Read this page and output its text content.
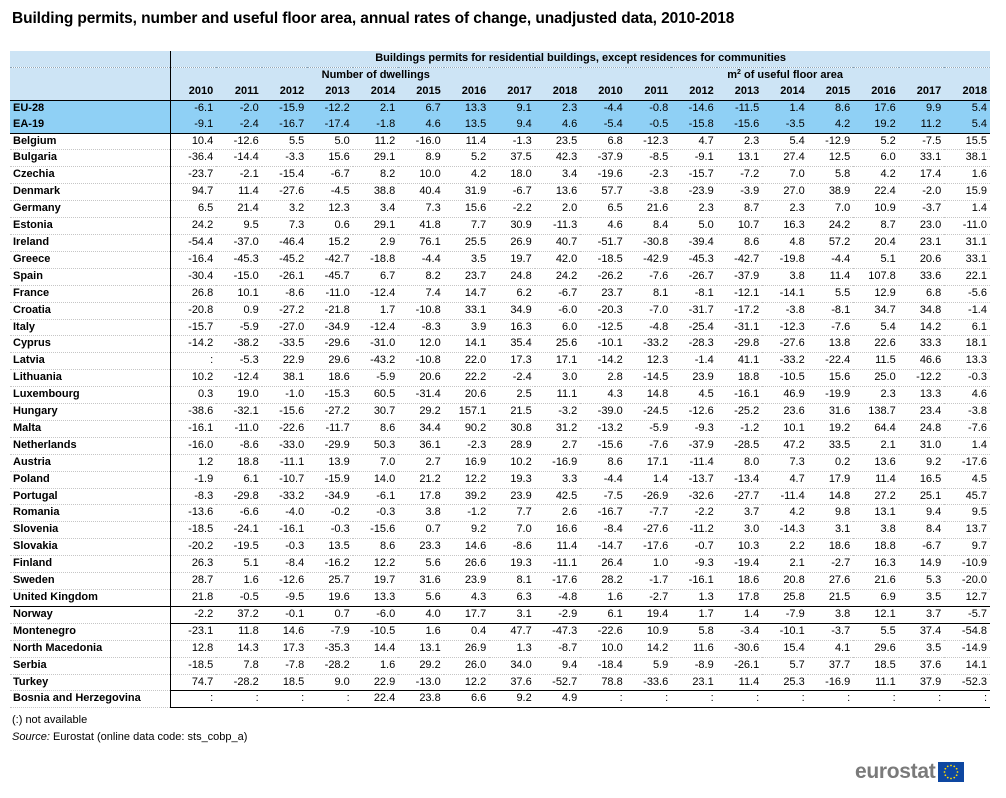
Building permits, number and useful floor area, annual rates of change, unadjusted data, 2010-2018
	Buildings permits for residential buildings, except residences for communities																	
	Number of dwellings									$m^2$ of useful floor area								
	2010	2011	2012	2013	2014	2015	2016	2017	2018	2010	2011	2012	2013	2014	2015	2016	2017	2018
EU-28	-6.1	-2.0	-15.9	-12.2	2.1	6.7	13.3	9.1	2.3	-4.4	-0.8	-14.6	-11.5	1.4	8.6	17.6	9.9	5.4
EA-19	-9.1	-2.4	-16.7	-17.4	-1.8	4.6	13.5	9.4	4.6	-5.4	-0.5	-15.8	-15.6	-3.5	4.2	19.2	11.2	5.4
Belgium	10.4	-12.6	5.5	5.0	11.2	-16.0	11.4	-1.3	23.5	6.8	-12.3	4.7	2.3	5.4	-12.9	5.2	-7.5	15.5
Bulgaria	-36.4	-14.4	-3.3	15.6	29.1	8.9	5.2	37.5	42.3	-37.9	-8.5	-9.1	13.1	27.4	12.5	6.0	33.1	38.1
Czechia	-23.7	-2.1	-15.4	-6.7	8.2	10.0	4.2	18.0	3.4	-19.6	-2.3	-15.7	-7.2	7.0	5.8	4.2	17.4	1.6
Denmark	94.7	11.4	-27.6	-4.5	38.8	40.4	31.9	-6.7	13.6	57.7	-3.8	-23.9	-3.9	27.0	38.9	22.4	-2.0	15.9
Germany	6.5	21.4	3.2	12.3	3.4	7.3	15.6	-2.2	2.0	6.5	21.6	2.3	8.7	2.3	7.0	10.9	-3.7	1.4
Estonia	24.2	9.5	7.3	0.6	29.1	41.8	7.7	30.9	-11.3	4.6	8.4	5.0	10.7	16.3	24.2	8.7	23.0	-11.0
Ireland	-54.4	-37.0	-46.4	15.2	2.9	76.1	25.5	26.9	40.7	-51.7	-30.8	-39.4	8.6	4.8	57.2	20.4	23.1	31.1
Greece	-16.4	-45.3	-45.2	-42.7	-18.8	-4.4	3.5	19.7	42.0	-18.5	-42.9	-45.3	-42.7	-19.8	-4.4	5.1	20.6	33.1
Spain	-30.4	-15.0	-26.1	-45.7	6.7	8.2	23.7	24.8	24.2	-26.2	-7.6	-26.7	-37.9	3.8	11.4	107.8	33.6	22.1
France	26.8	10.1	-8.6	-11.0	-12.4	7.4	14.7	6.2	-6.7	23.7	8.1	-8.1	-12.1	-14.1	5.5	12.9	6.8	-5.6
Croatia	-20.8	0.9	-27.2	-21.8	1.7	-10.8	33.1	34.9	-6.0	-20.3	-7.0	-31.7	-17.2	-3.8	-8.1	34.7	34.8	-1.4
Italy	-15.7	-5.9	-27.0	-34.9	-12.4	-8.3	3.9	16.3	6.0	-12.5	-4.8	-25.4	-31.1	-12.3	-7.6	5.4	14.2	6.1
Cyprus	-14.2	-38.2	-33.5	-29.6	-31.0	12.0	14.1	35.4	25.6	-10.1	-33.2	-28.3	-29.8	-27.6	13.8	22.6	33.3	18.1
Latvia	:	-5.3	22.9	29.6	-43.2	-10.8	22.0	17.3	17.1	-14.2	12.3	-1.4	41.1	-33.2	-22.4	11.5	46.6	13.3
Lithuania	10.2	-12.4	38.1	18.6	-5.9	20.6	22.2	-2.4	3.0	2.8	-14.5	23.9	18.8	-10.5	15.6	25.0	-12.2	-0.3
Luxembourg	0.3	19.0	-1.0	-15.3	60.5	-31.4	20.6	2.5	11.1	4.3	14.8	4.5	-16.1	46.9	-19.9	2.3	13.3	4.6
Hungary	-38.6	-32.1	-15.6	-27.2	30.7	29.2	157.1	21.5	-3.2	-39.0	-24.5	-12.6	-25.2	23.6	31.6	138.7	23.4	-3.8
Malta	-16.1	-11.0	-22.6	-11.7	8.6	34.4	90.2	30.8	31.2	-13.2	-5.9	-9.3	-1.2	10.1	19.2	64.4	24.8	-7.6
Netherlands	-16.0	-8.6	-33.0	-29.9	50.3	36.1	-2.3	28.9	2.7	-15.6	-7.6	-37.9	-28.5	47.2	33.5	2.1	31.0	1.4
Austria	1.2	18.8	-11.1	13.9	7.0	2.7	16.9	10.2	-16.9	8.6	17.1	-11.4	8.0	7.3	0.2	13.6	9.2	-17.6
Poland	-1.9	6.1	-10.7	-15.9	14.0	21.2	12.2	19.3	3.3	-4.4	1.4	-13.7	-13.4	4.7	17.9	11.4	16.5	4.5
Portugal	-8.3	-29.8	-33.2	-34.9	-6.1	17.8	39.2	23.9	42.5	-7.5	-26.9	-32.6	-27.7	-11.4	14.8	27.2	25.1	45.7
Romania	-13.6	-6.6	-4.0	-0.2	-0.3	3.8	-1.2	7.7	2.6	-16.7	-7.7	-2.2	3.7	4.2	9.8	13.1	9.4	9.5
Slovenia	-18.5	-24.1	-16.1	-0.3	-15.6	0.7	9.2	7.0	16.6	-8.4	-27.6	-11.2	3.0	-14.3	3.1	3.8	8.4	13.7
Slovakia	-20.2	-19.5	-0.3	13.5	8.6	23.3	14.6	-8.6	11.4	-14.7	-17.6	-0.7	10.3	2.2	18.6	18.8	-6.7	9.7
Finland	26.3	5.1	-8.4	-16.2	12.2	5.6	26.6	19.3	-11.1	26.4	1.0	-9.3	-19.4	2.1	-2.7	16.3	14.9	-10.9
Sweden	28.7	1.6	-12.6	25.7	19.7	31.6	23.9	8.1	-17.6	28.2	-1.7	-16.1	18.6	20.8	27.6	21.6	5.3	-20.0
United Kingdom	21.8	-0.5	-9.5	19.6	13.3	5.6	4.3	6.3	-4.8	1.6	-2.7	1.3	17.8	25.8	21.5	6.9	3.5	12.7
Norway	-2.2	37.2	-0.1	0.7	-6.0	4.0	17.7	3.1	-2.9	6.1	19.4	1.7	1.4	-7.9	3.8	12.1	3.7	-5.7
Montenegro	-23.1	11.8	14.6	-7.9	-10.5	1.6	0.4	47.7	-47.3	-22.6	10.9	5.8	-3.4	-10.1	-3.7	5.5	37.4	-54.8
North Macedonia	12.8	14.3	17.3	-35.3	14.4	13.1	26.9	1.3	-8.7	10.0	14.2	11.6	-30.6	15.4	4.1	29.6	3.5	-14.9
Serbia	-18.5	7.8	-7.8	-28.2	1.6	29.2	26.0	34.0	9.4	-18.4	5.9	-8.9	-26.1	5.7	37.7	18.5	37.6	14.1
Turkey	74.7	-28.2	18.5	9.0	22.9	-13.0	12.2	37.6	-52.7	78.8	-33.6	23.1	11.4	25.3	-16.9	11.1	37.9	-52.3
Bosnia and Herzegovina	:	:	:	:	22.4	23.8	6.6	9.2	4.9	:	:	:	:	:	:	:	:	:
(:) not available
Source: Eurostat (online data code: sts_cobp_a)
eurostat
